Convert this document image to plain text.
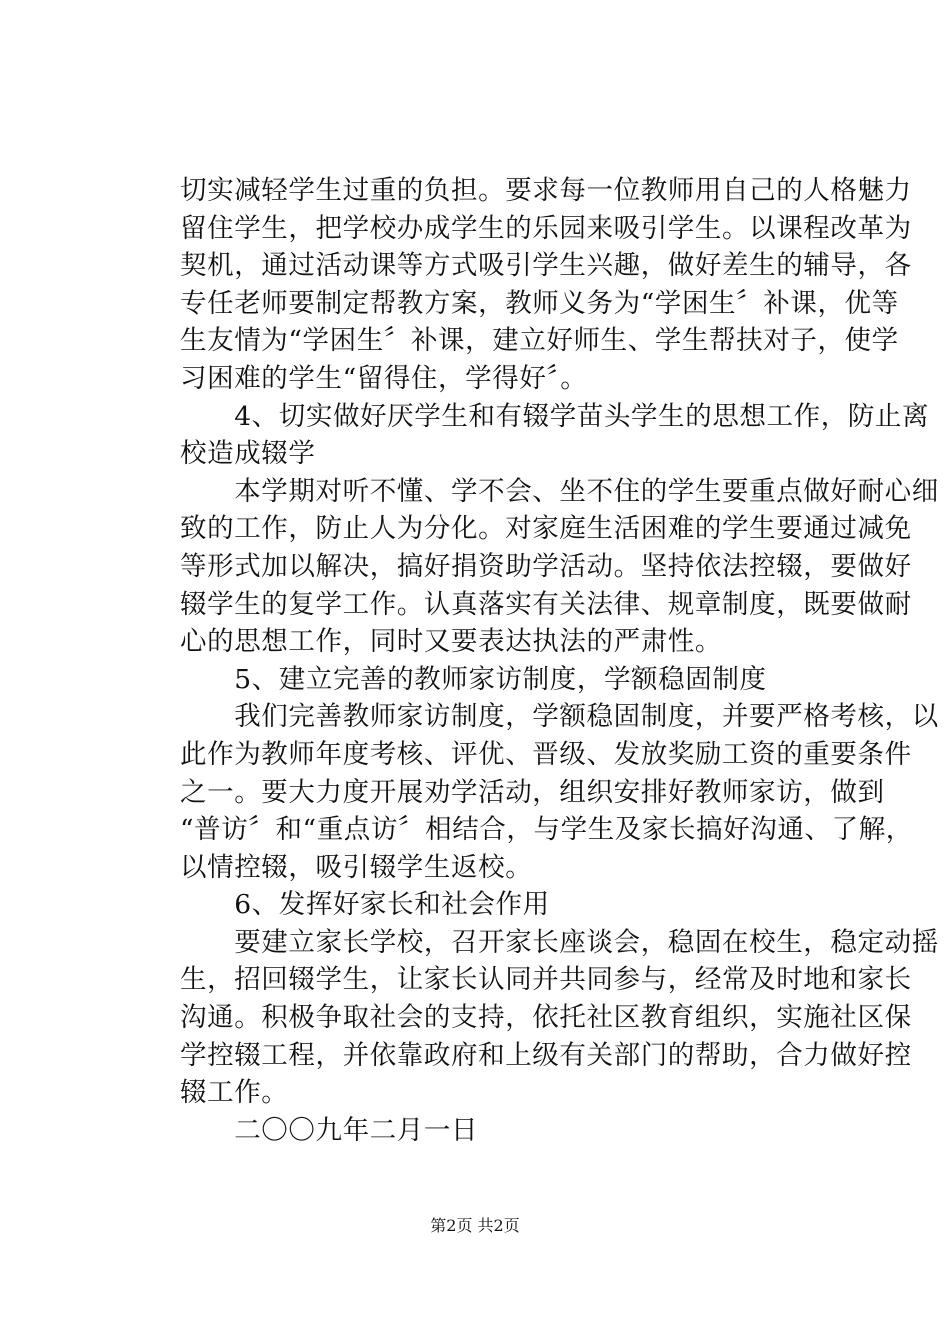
切实减轻学生过重的负担。要求每一位教师用自己的人格魅力
留住学生，把学校办成学生的乐园来吸引学生。以课程改革为
契机，通过活动课等方式吸引学生兴趣，做好差生的辅导，各
专任老师要制定帮教方案，教师义务为“学困生〞补课，优等
生友情为“学困生〞补课，建立好师生、学生帮扶对子，使学
习困难的学生“留得住，学得好〞。
　　4、切实做好厌学生和有辍学苗头学生的思想工作，防止离
校造成辍学
　　本学期对听不懂、学不会、坐不住的学生要重点做好耐心细
致的工作，防止人为分化。对家庭生活困难的学生要通过减免
等形式加以解决，搞好捐资助学活动。坚持依法控辍，要做好
辍学生的复学工作。认真落实有关法律、规章制度，既要做耐
心的思想工作，同时又要表达执法的严肃性。
　　5、建立完善的教师家访制度，学额稳固制度
　　我们完善教师家访制度，学额稳固制度，并要严格考核，以
此作为教师年度考核、评优、晋级、发放奖励工资的重要条件
之一。要大力度开展劝学活动，组织安排好教师家访，做到
“普访〞和“重点访〞相结合，与学生及家长搞好沟通、了解，
以情控辍，吸引辍学生返校。
　　6、发挥好家长和社会作用
　　要建立家长学校，召开家长座谈会，稳固在校生，稳定动摇
生，招回辍学生，让家长认同并共同参与，经常及时地和家长
沟通。积极争取社会的支持，依托社区教育组织，实施社区保
学控辍工程，并依靠政府和上级有关部门的帮助，合力做好控
辍工作。
　　二〇〇九年二月一日
第2页 共2页
